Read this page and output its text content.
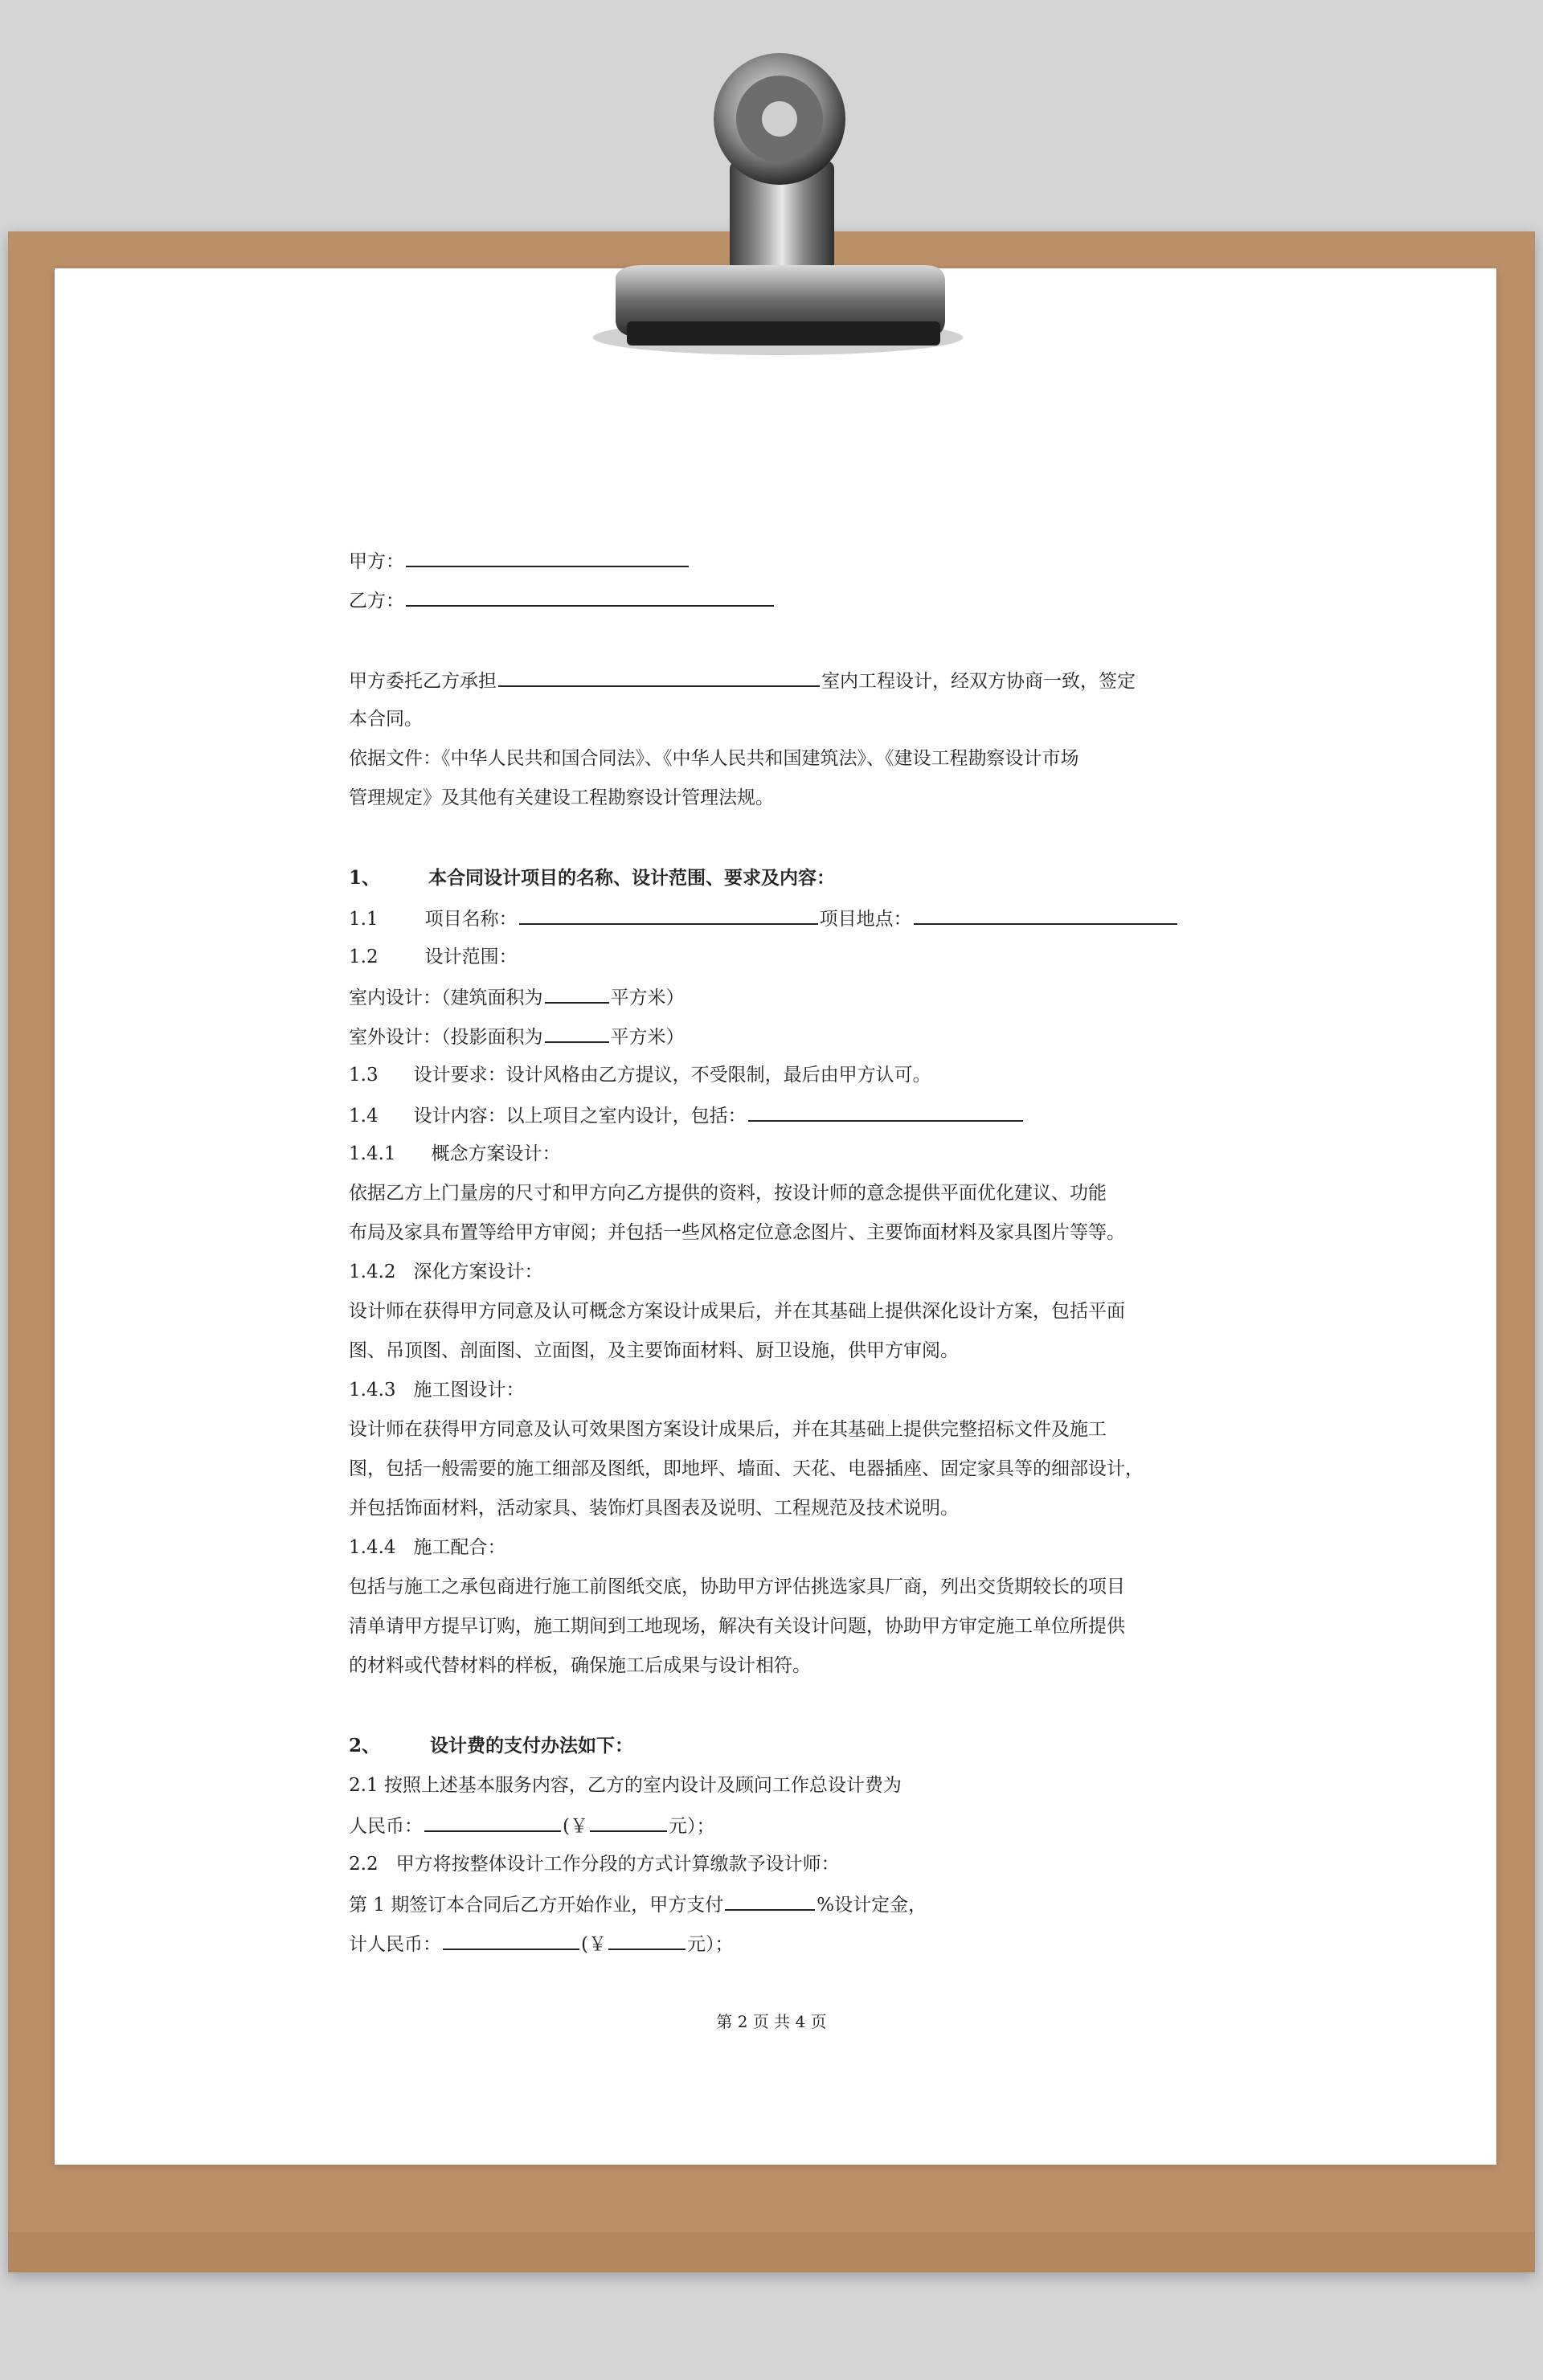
甲方：
乙方：
甲方委托乙方承担	室内工程设计，经双方协商一致，签定
本合同。
依据文件：《中华人民共和国合同法》、《中华人民共和国建筑法》、《建设工程勘察设计市场
管理规定》及其他有关建设工程勘察设计管理法规。
1、	本合同设计项目的名称、设计范围、要求及内容：
1.1	项目名称：	项目地点：
1.2	设计范围：
室内设计：（建筑面积为	平方米）
室外设计：（投影面积为	平方米）
1.3 设计要求：设计风格由乙方提议，不受限制，最后由甲方认可。
1.4 设计内容：以上项目之室内设计，包括：
1.4.1 概念方案设计：
依据乙方上门量房的尺寸和甲方向乙方提供的资料，按设计师的意念提供平面优化建议、功能
布局及家具布置等给甲方审阅；并包括一些风格定位意念图片、主要饰面材料及家具图片等等。
1.4.2 深化方案设计：
设计师在获得甲方同意及认可概念方案设计成果后，并在其基础上提供深化设计方案，包括平面
图、吊顶图、剖面图、立面图，及主要饰面材料、厨卫设施，供甲方审阅。
1.4.3 施工图设计：
设计师在获得甲方同意及认可效果图方案设计成果后，并在其基础上提供完整招标文件及施工
图，包括一般需要的施工细部及图纸，即地坪、墙面、天花、电器插座、固定家具等的细部设计，
并包括饰面材料，活动家具、装饰灯具图表及说明、工程规范及技术说明。
1.4.4 施工配合：
包括与施工之承包商进行施工前图纸交底，协助甲方评估挑选家具厂商，列出交货期较长的项目
清单请甲方提早订购，施工期间到工地现场，解决有关设计问题，协助甲方审定施工单位所提供
的材料或代替材料的样板，确保施工后成果与设计相符。
2、	设计费的支付办法如下：
2.1 按照上述基本服务内容，乙方的室内设计及顾问工作总设计费为
人民币：	(￥	元）；
2.2 甲方将按整体设计工作分段的方式计算缴款予设计师：
第 1 期签订本合同后乙方开始作业，甲方支付	%设计定金，
计人民币：	(￥	元）；
第 2 页 共 4 页
